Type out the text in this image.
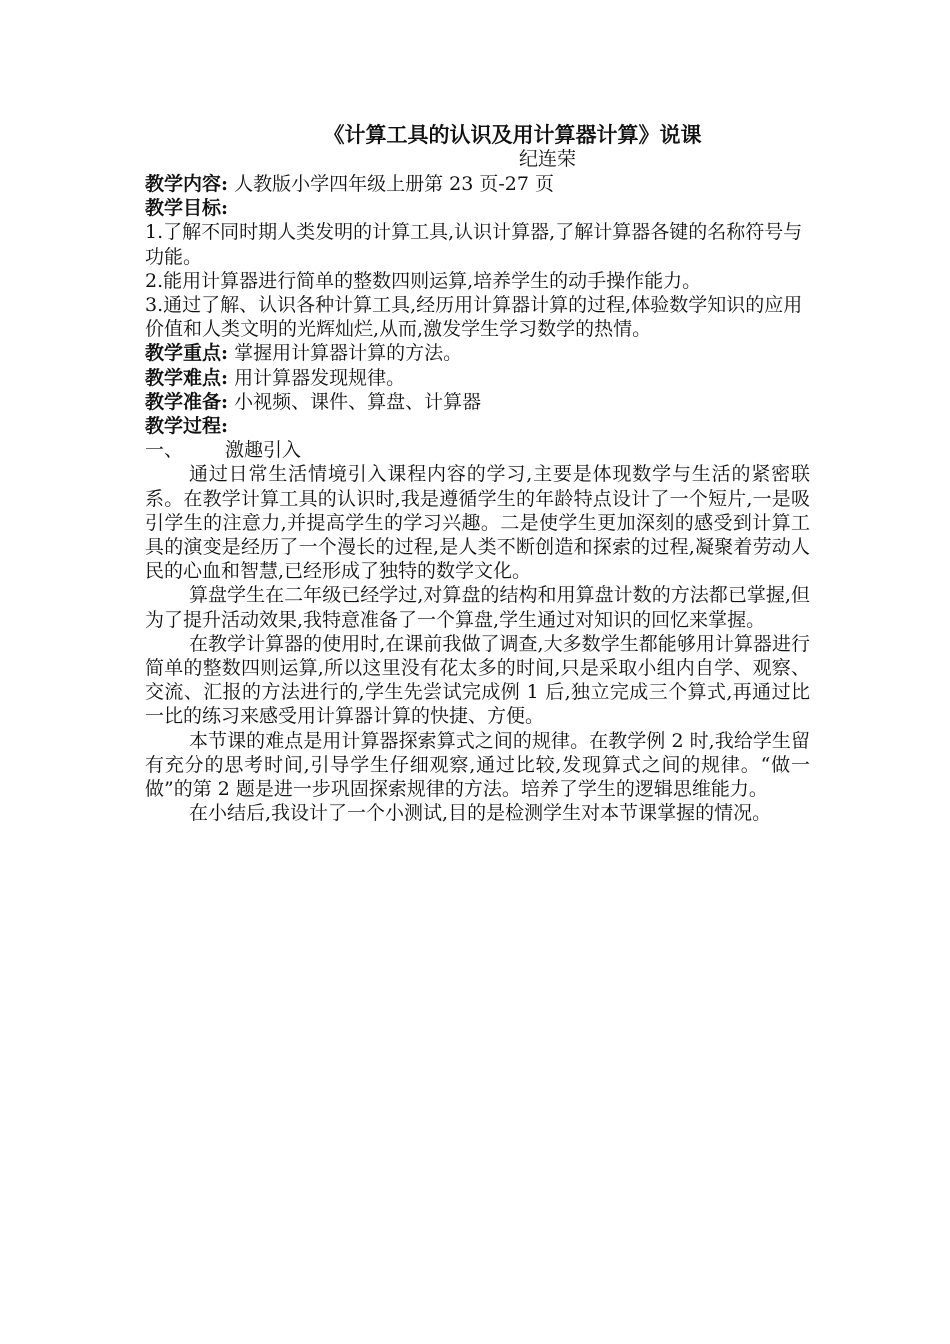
《计算工具的认识及用计算器计算》说课

纪连荣

教学内容: 人教版小学四年级上册第 23 页-27 页

教学目标:

1.了解不同时期人类发明的计算工具,认识计算器,了解计算器各键的名称符号与功能。

2.能用计算器进行简单的整数四则运算,培养学生的动手操作能力。

3.通过了解、认识各种计算工具,经历用计算器计算的过程,体验数学知识的应用价值和人类文明的光辉灿烂,从而,激发学生学习数学的热情。

教学重点: 掌握用计算器计算的方法。

教学难点: 用计算器发现规律。

教学准备: 小视频、课件、算盘、计算器

教学过程:

一、 激趣引入

通过日常生活情境引入课程内容的学习,主要是体现数学与生活的紧密联系。在教学计算工具的认识时,我是遵循学生的年龄特点设计了一个短片,一是吸引学生的注意力,并提高学生的学习兴趣。二是使学生更加深刻的感受到计算工具的演变是经历了一个漫长的过程,是人类不断创造和探索的过程,凝聚着劳动人民的心血和智慧,已经形成了独特的数学文化。

算盘学生在二年级已经学过,对算盘的结构和用算盘计数的方法都已掌握,但为了提升活动效果,我特意准备了一个算盘,学生通过对知识的回忆来掌握。

在教学计算器的使用时,在课前我做了调查,大多数学生都能够用计算器进行简单的整数四则运算,所以这里没有花太多的时间,只是采取小组内自学、观察、交流、汇报的方法进行的,学生先尝试完成例 1 后,独立完成三个算式,再通过比一比的练习来感受用计算器计算的快捷、方便。

本节课的难点是用计算器探索算式之间的规律。在教学例 2 时,我给学生留有充分的思考时间,引导学生仔细观察,通过比较,发现算式之间的规律。“做一做”的第 2 题是进一步巩固探索规律的方法。培养了学生的逻辑思维能力。

在小结后,我设计了一个小测试,目的是检测学生对本节课掌握的情况。
